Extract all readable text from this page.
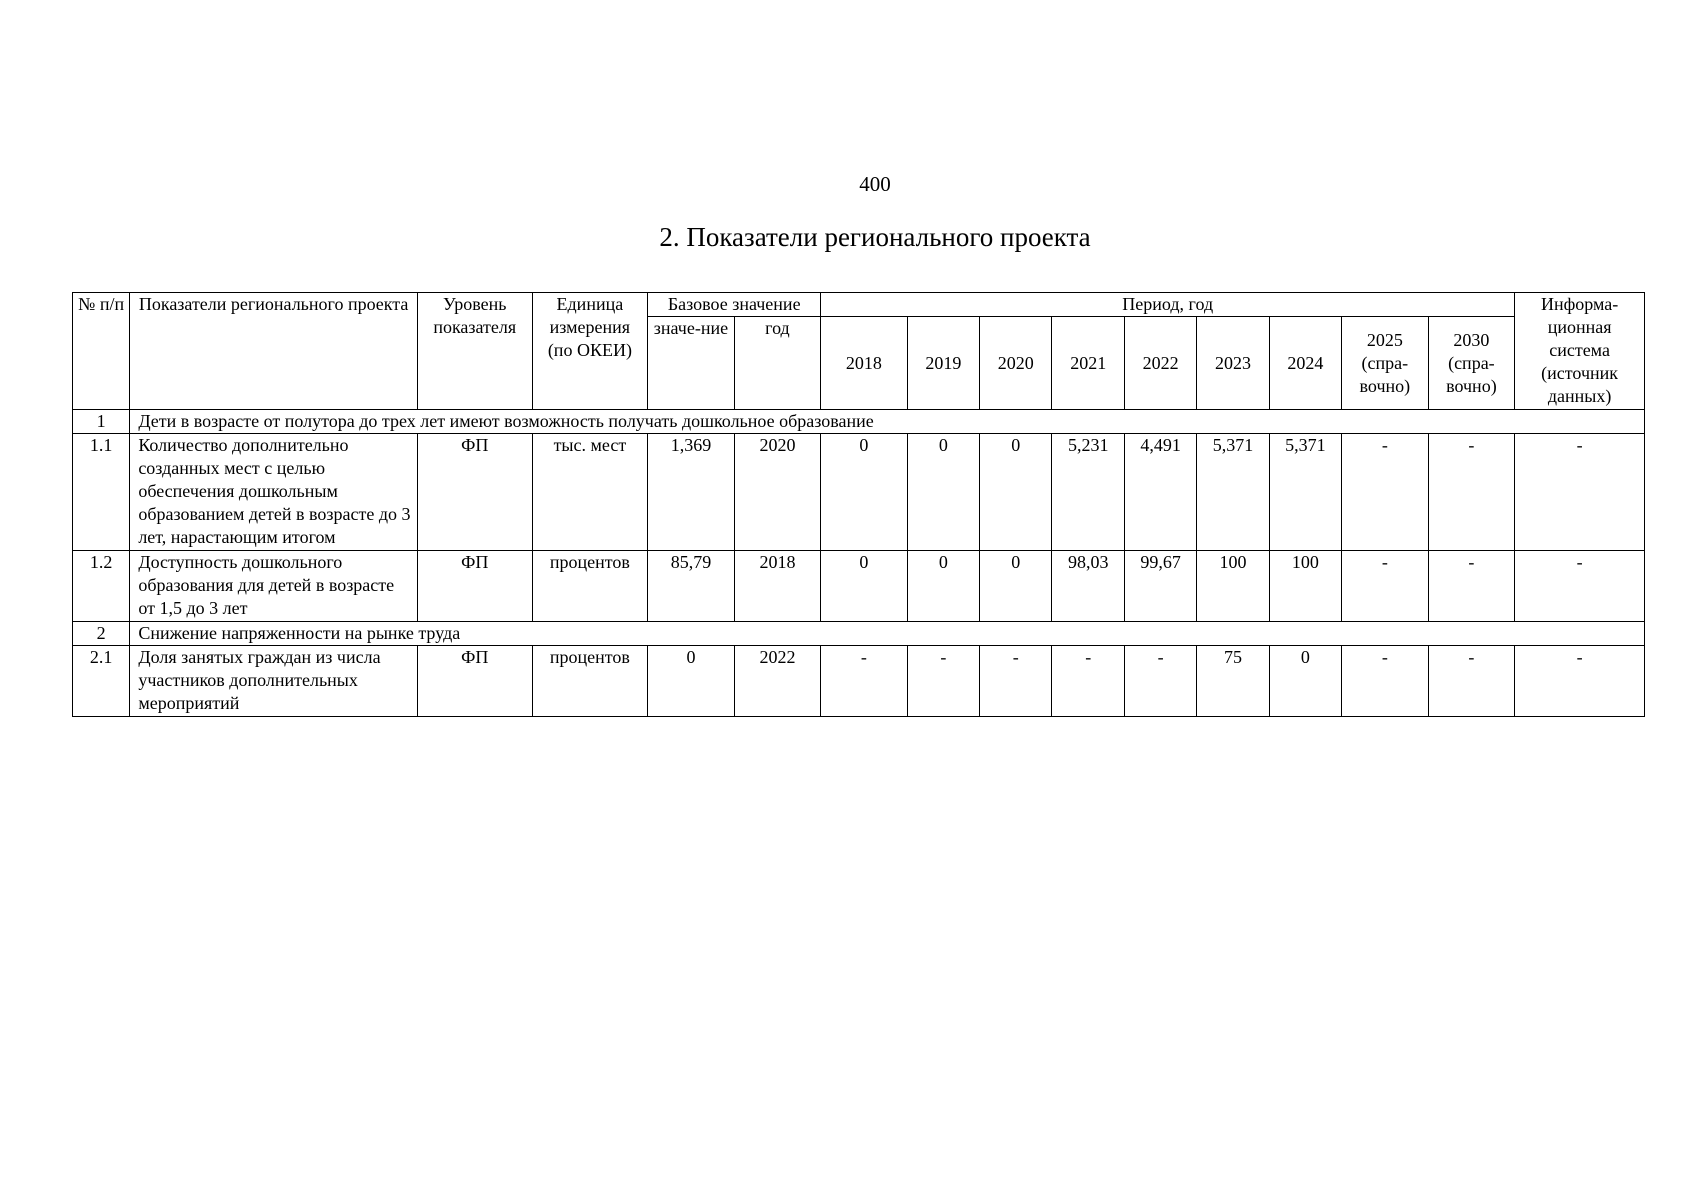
400
2. Показатели регионального проекта
№ п/п	Показатели регионального проекта	Уровень показателя	Единица измерения (по ОКЕИ)	Базовое значение		Период, год									Информа-ционная система (источник данных)
				значе-ние	год	2018	2019	2020	2021	2022	2023	2024	2025 (спра-вочно)	2030 (спра-вочно)	
1	Дети в возрасте от полутора до трех лет имеют возможность получать дошкольное образование														
1.1	Количество дополнительно созданных мест с целью обеспечения дошкольным образованием детей в возрасте до 3 лет, нарастающим итогом	ФП	тыс. мест	1,369	2020	0	0	0	5,231	4,491	5,371	5,371	-	-	-
1.2	Доступность дошкольного образования для детей в возрасте от 1,5 до 3 лет	ФП	процентов	85,79	2018	0	0	0	98,03	99,67	100	100	-	-	-
2	Снижение напряженности на рынке труда														
2.1	Доля занятых граждан из числа участников дополнительных мероприятий	ФП	процентов	0	2022	-	-	-	-	-	75	0	-	-	-
